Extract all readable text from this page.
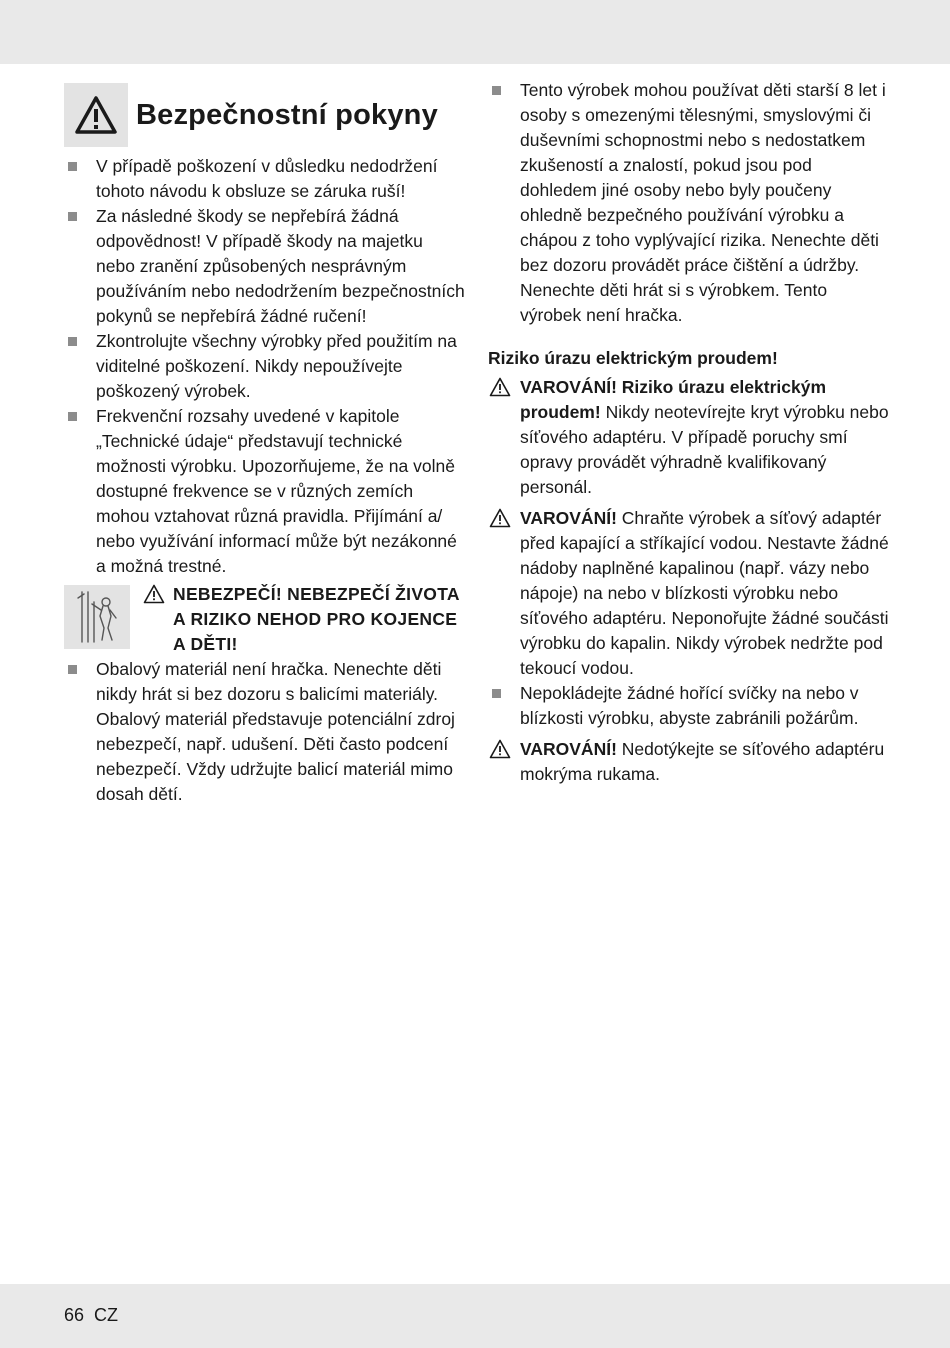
Bezpečnostní pokyny
V případě poškození v důsledku nedodržení tohoto návodu k obsluze se záruka ruší!
Za následné škody se nepřebírá žádná odpovědnost! V případě škody na majetku nebo zranění způsobených nesprávným používáním nebo nedodržením bezpečnostních pokynů se nepřebírá žádné ručení!
Zkontrolujte všechny výrobky před použitím na viditelné poškození. Nikdy nepoužívejte poškozený výrobek.
Frekvenční rozsahy uvedené v kapitole „Technické údaje“ představují technické možnosti výrobku. Upozorňujeme, že na volně dostupné frekvence se v různých zemích mohou vztahovat různá pravidla. Přijímání a/ nebo využívání informací může být nezákonné a možná trestné.
NEBEZPEČÍ! NEBEZPEČÍ ŽIVOTA A RIZIKO NEHOD PRO KOJENCE A DĚTI!
Obalový materiál není hračka. Nenechte děti nikdy hrát si bez dozoru s balicími materiály. Obalový materiál představuje potenciální zdroj nebezpečí, např. udušení. Děti často podcení nebezpečí. Vždy udržujte balicí materiál mimo dosah dětí.
Tento výrobek mohou používat děti starší 8 let i osoby s omezenými tělesnými, smyslovými či duševními schopnostmi nebo s nedostatkem zkušeností a znalostí, pokud jsou pod dohledem jiné osoby nebo byly poučeny ohledně bezpečného používání výrobku a chápou z toho vyplývající rizika. Nenechte děti bez dozoru provádět práce čištění a údržby. Nenechte děti hrát si s výrobkem. Tento výrobek není hračka.
Riziko úrazu elektrickým proudem!
VAROVÁNÍ! Riziko úrazu elektrickým proudem! Nikdy neotevírejte kryt výrobku nebo síťového adaptéru. V případě poruchy smí opravy provádět výhradně kvalifikovaný personál.
VAROVÁNÍ! Chraňte výrobek a síťový adaptér před kapající a stříkající vodou. Nestavte žádné nádoby naplněné kapalinou (např. vázy nebo nápoje) na nebo v blízkosti výrobku nebo síťového adaptéru. Neponořujte žádné součásti výrobku do kapalin. Nikdy výrobek nedržte pod tekoucí vodou.
Nepokládejte žádné hořící svíčky na nebo v blízkosti výrobku, abyste zabránili požárům.
VAROVÁNÍ! Nedotýkejte se síťového adaptéru mokrýma rukama.
66 CZ
